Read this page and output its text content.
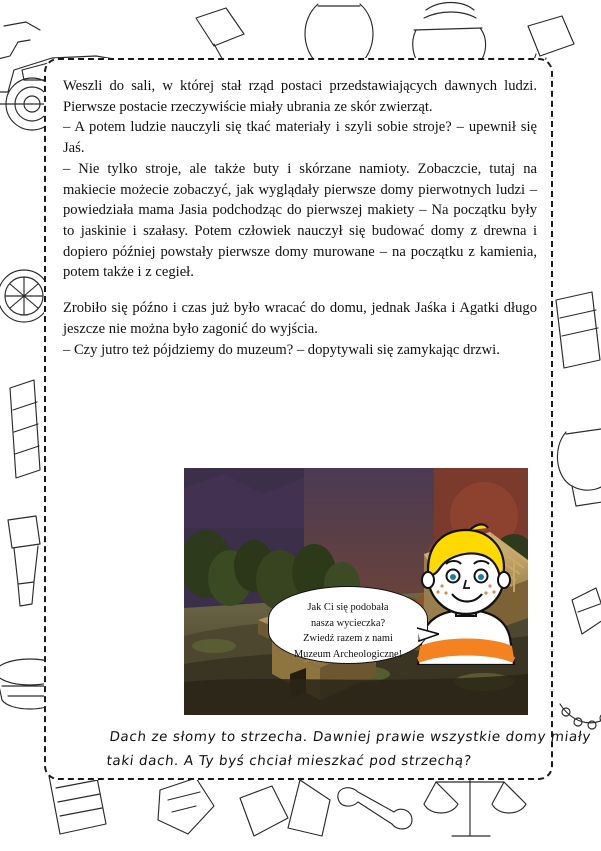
Weszli do sali, w której stał rząd postaci przedstawiających dawnych ludzi. Pierwsze postacie rzeczywiście miały ubrania ze skór zwierząt.

– A potem ludzie nauczyli się tkać materiały i szyli sobie stroje? – upewnił się Jaś.

– Nie tylko stroje, ale także buty i skórzane namioty. Zobaczcie, tutaj na makiecie możecie zobaczyć, jak wyglądały pierwsze domy pierwotnych ludzi – powiedziała mama Jasia podchodząc do pierwszej makiety – Na początku były to jaskinie i szałasy. Potem człowiek nauczył się budować domy z drewna i dopiero później powstały pierwsze domy murowane – na początku z kamienia, potem także i z cegieł.

Zrobiło się późno i czas już było wracać do domu, jednak Jaśka i Agatki długo jeszcze nie można było zagonić do wyjścia.

– Czy jutro też pójdziemy do muzeum? – dopytywali się zamykając drzwi.

Dach ze słomy to strzecha. Dawniej prawie wszystkie domy miały
taki dach. A Ty byś chciał mieszkać pod strzechą?
Jak Ci się podobała
nasza wycieczka?
Zwiedź razem z nami
Muzeum Archeologiczne!
